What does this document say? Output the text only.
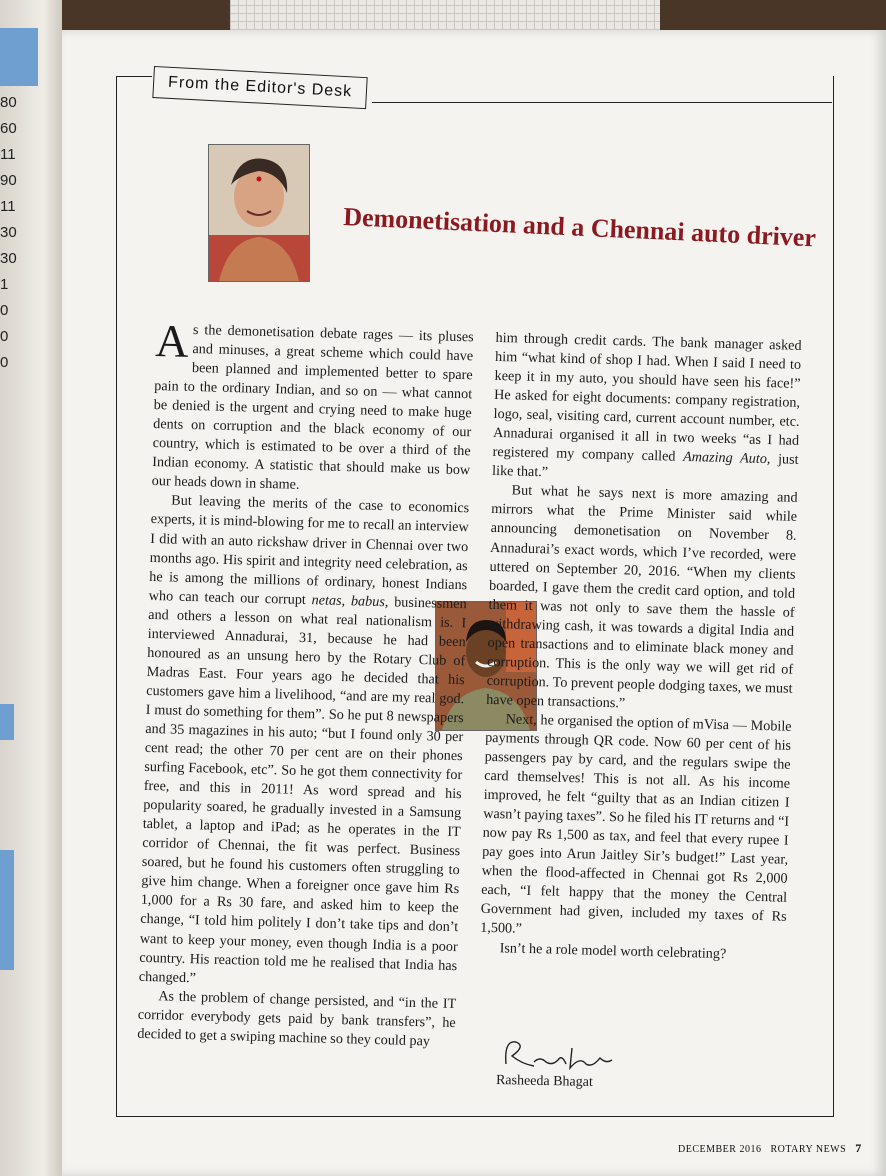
80
60
11
90
11
30
30
1
0
0
0
From the Editor's Desk
Demonetisation and a Chennai auto driver

As the demonetisation debate rages — its pluses and minuses, a great scheme which could have been planned and implemented better to spare pain to the ordinary Indian, and so on — what cannot be denied is the urgent and crying need to make huge dents on corruption and the black economy of our country, which is estimated to be over a third of the Indian economy. A statistic that should make us bow our heads down in shame.

But leaving the merits of the case to economics experts, it is mind-blowing for me to recall an interview I did with an auto rickshaw driver in Chennai over two months ago. His spirit and integrity need celebration, as he is among the millions of ordinary, honest Indians who can teach our corrupt netas, babus, businessmen and others a lesson on what real nationalism is. I interviewed Annadurai, 31, because he had been honoured as an unsung hero by the Rotary Club of Madras East. Four years ago he decided that his customers gave him a livelihood, “and are my real god. I must do something for them”. So he put 8 newspapers and 35 magazines in his auto; “but I found only 30 per cent read; the other 70 per cent are on their phones surfing Facebook, etc”. So he got them connectivity for free, and this in 2011! As word spread and his popularity soared, he gradually invested in a Samsung tablet, a laptop and iPad; as he operates in the IT corridor of Chennai, the fit was perfect. Business soared, but he found his customers often struggling to give him change. When a foreigner once gave him Rs 1,000 for a Rs 30 fare, and asked him to keep the change, “I told him politely I don’t take tips and don’t want to keep your money, even though India is a poor country. His reaction told me he realised that India has changed.”

As the problem of change persisted, and “in the IT corridor everybody gets paid by bank transfers”, he decided to get a swiping machine so they could pay

him through credit cards. The bank manager asked him “what kind of shop I had. When I said I need to keep it in my auto, you should have seen his face!” He asked for eight documents: company registration, logo, seal, visiting card, current account number, etc. Annadurai organised it all in two weeks “as I had registered my company called Amazing Auto, just like that.”

But what he says next is more amazing and mirrors what the Prime Minister said while announcing demonetisation on November 8. Annadurai’s exact words, which I’ve recorded, were uttered on September 20, 2016. “When my clients boarded, I gave them the credit card option, and told them it was not only to save them the hassle of withdrawing cash, it was towards a digital India and open transactions and to eliminate black money and corruption. This is the only way we will get rid of corruption. To prevent people dodging taxes, we must have open transactions.”

Next, he organised the option of mVisa — Mobile payments through QR code. Now 60 per cent of his passengers pay by card, and the regulars swipe the card themselves! This is not all. As his income improved, he felt “guilty that as an Indian citizen I wasn’t paying taxes”. So he filed his IT returns and “I now pay Rs 1,500 as tax, and feel that every rupee I pay goes into Arun Jaitley Sir’s budget!” Last year, when the flood-affected in Chennai got Rs 2,000 each, “I felt happy that the money the Central Government had given, included my taxes of Rs 1,500.”

Isn’t he a role model worth celebrating?

Rasheeda Bhagat
DECEMBER 2016 ROTARY NEWS 7
